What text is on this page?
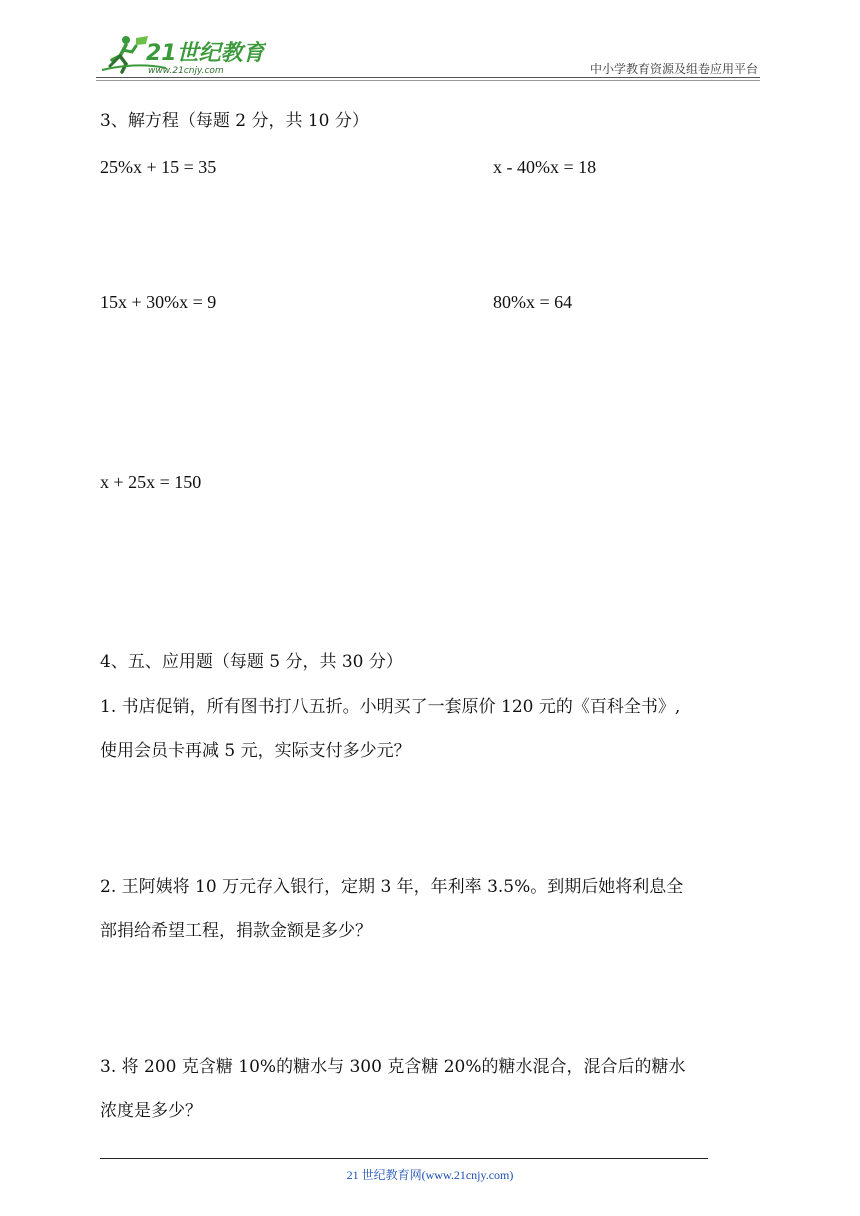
21世纪教育
www.21cnjy.com	中小学教育资源及组卷应用平台
3、解方程（每题 2 分，共 10 分）
25%x + 15 = 35	x - 40%x = 18
15x + 30%x = 9	80%x = 64
x + 25x = 150
4、五、应用题（每题 5 分，共 30 分）
1. 书店促销，所有图书打八五折。小明买了一套原价 120 元的《百科全书》,
使用会员卡再减 5 元，实际支付多少元？
2. 王阿姨将 10 万元存入银行，定期 3 年，年利率 3.5%。到期后她将利息全
部捐给希望工程，捐款金额是多少？
3. 将 200 克含糖 10%的糖水与 300 克含糖 20%的糖水混合，混合后的糖水
浓度是多少？
21 世纪教育网(www.21cnjy.com)
